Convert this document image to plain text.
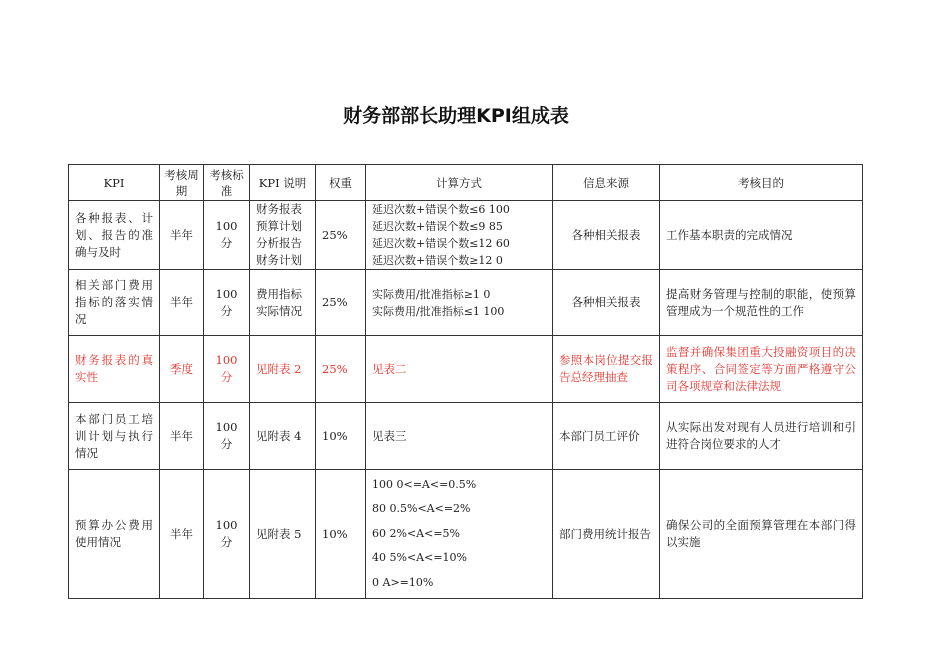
财务部部长助理KPI组成表
KPI	考核周期	考核标准	KPI 说明	权重	计算方式	信息来源	考核目的
各种报表、计划、报告的准确与及时	半年	100 分	财务报表
预算计划
分析报告
财务计划	25%	延迟次数+错误个数≤6 100
延迟次数+错误个数≤9 85
延迟次数+错误个数≤12 60
延迟次数+错误个数≥12 0	各种相关报表	工作基本职责的完成情况
相关部门费用指标的落实情况	半年	100 分	费用指标
实际情况	25%	实际费用/批准指标≥1 0
实际费用/批准指标≤1 100	各种相关报表	提高财务管理与控制的职能，使预算管理成为一个规范性的工作
财务报表的真实性	季度	100 分	见附表 2	25%	见表二	参照本岗位提交报告总经理抽查	监督并确保集团重大投融资项目的决策程序、合同签定等方面严格遵守公司各项规章和法律法规
本部门员工培训计划与执行情况	半年	100 分	见附表 4	10%	见表三	本部门员工评价	从实际出发对现有人员进行培训和引进符合岗位要求的人才
预算办公费用使用情况	半年	100 分	见附表 5	10%	100 0<=A<=0.5%
80 0.5%<A<=2%
60 2%<A<=5%
40 5%<A<=10%
0 A>=10%	部门费用统计报告	确保公司的全面预算管理在本部门得以实施
